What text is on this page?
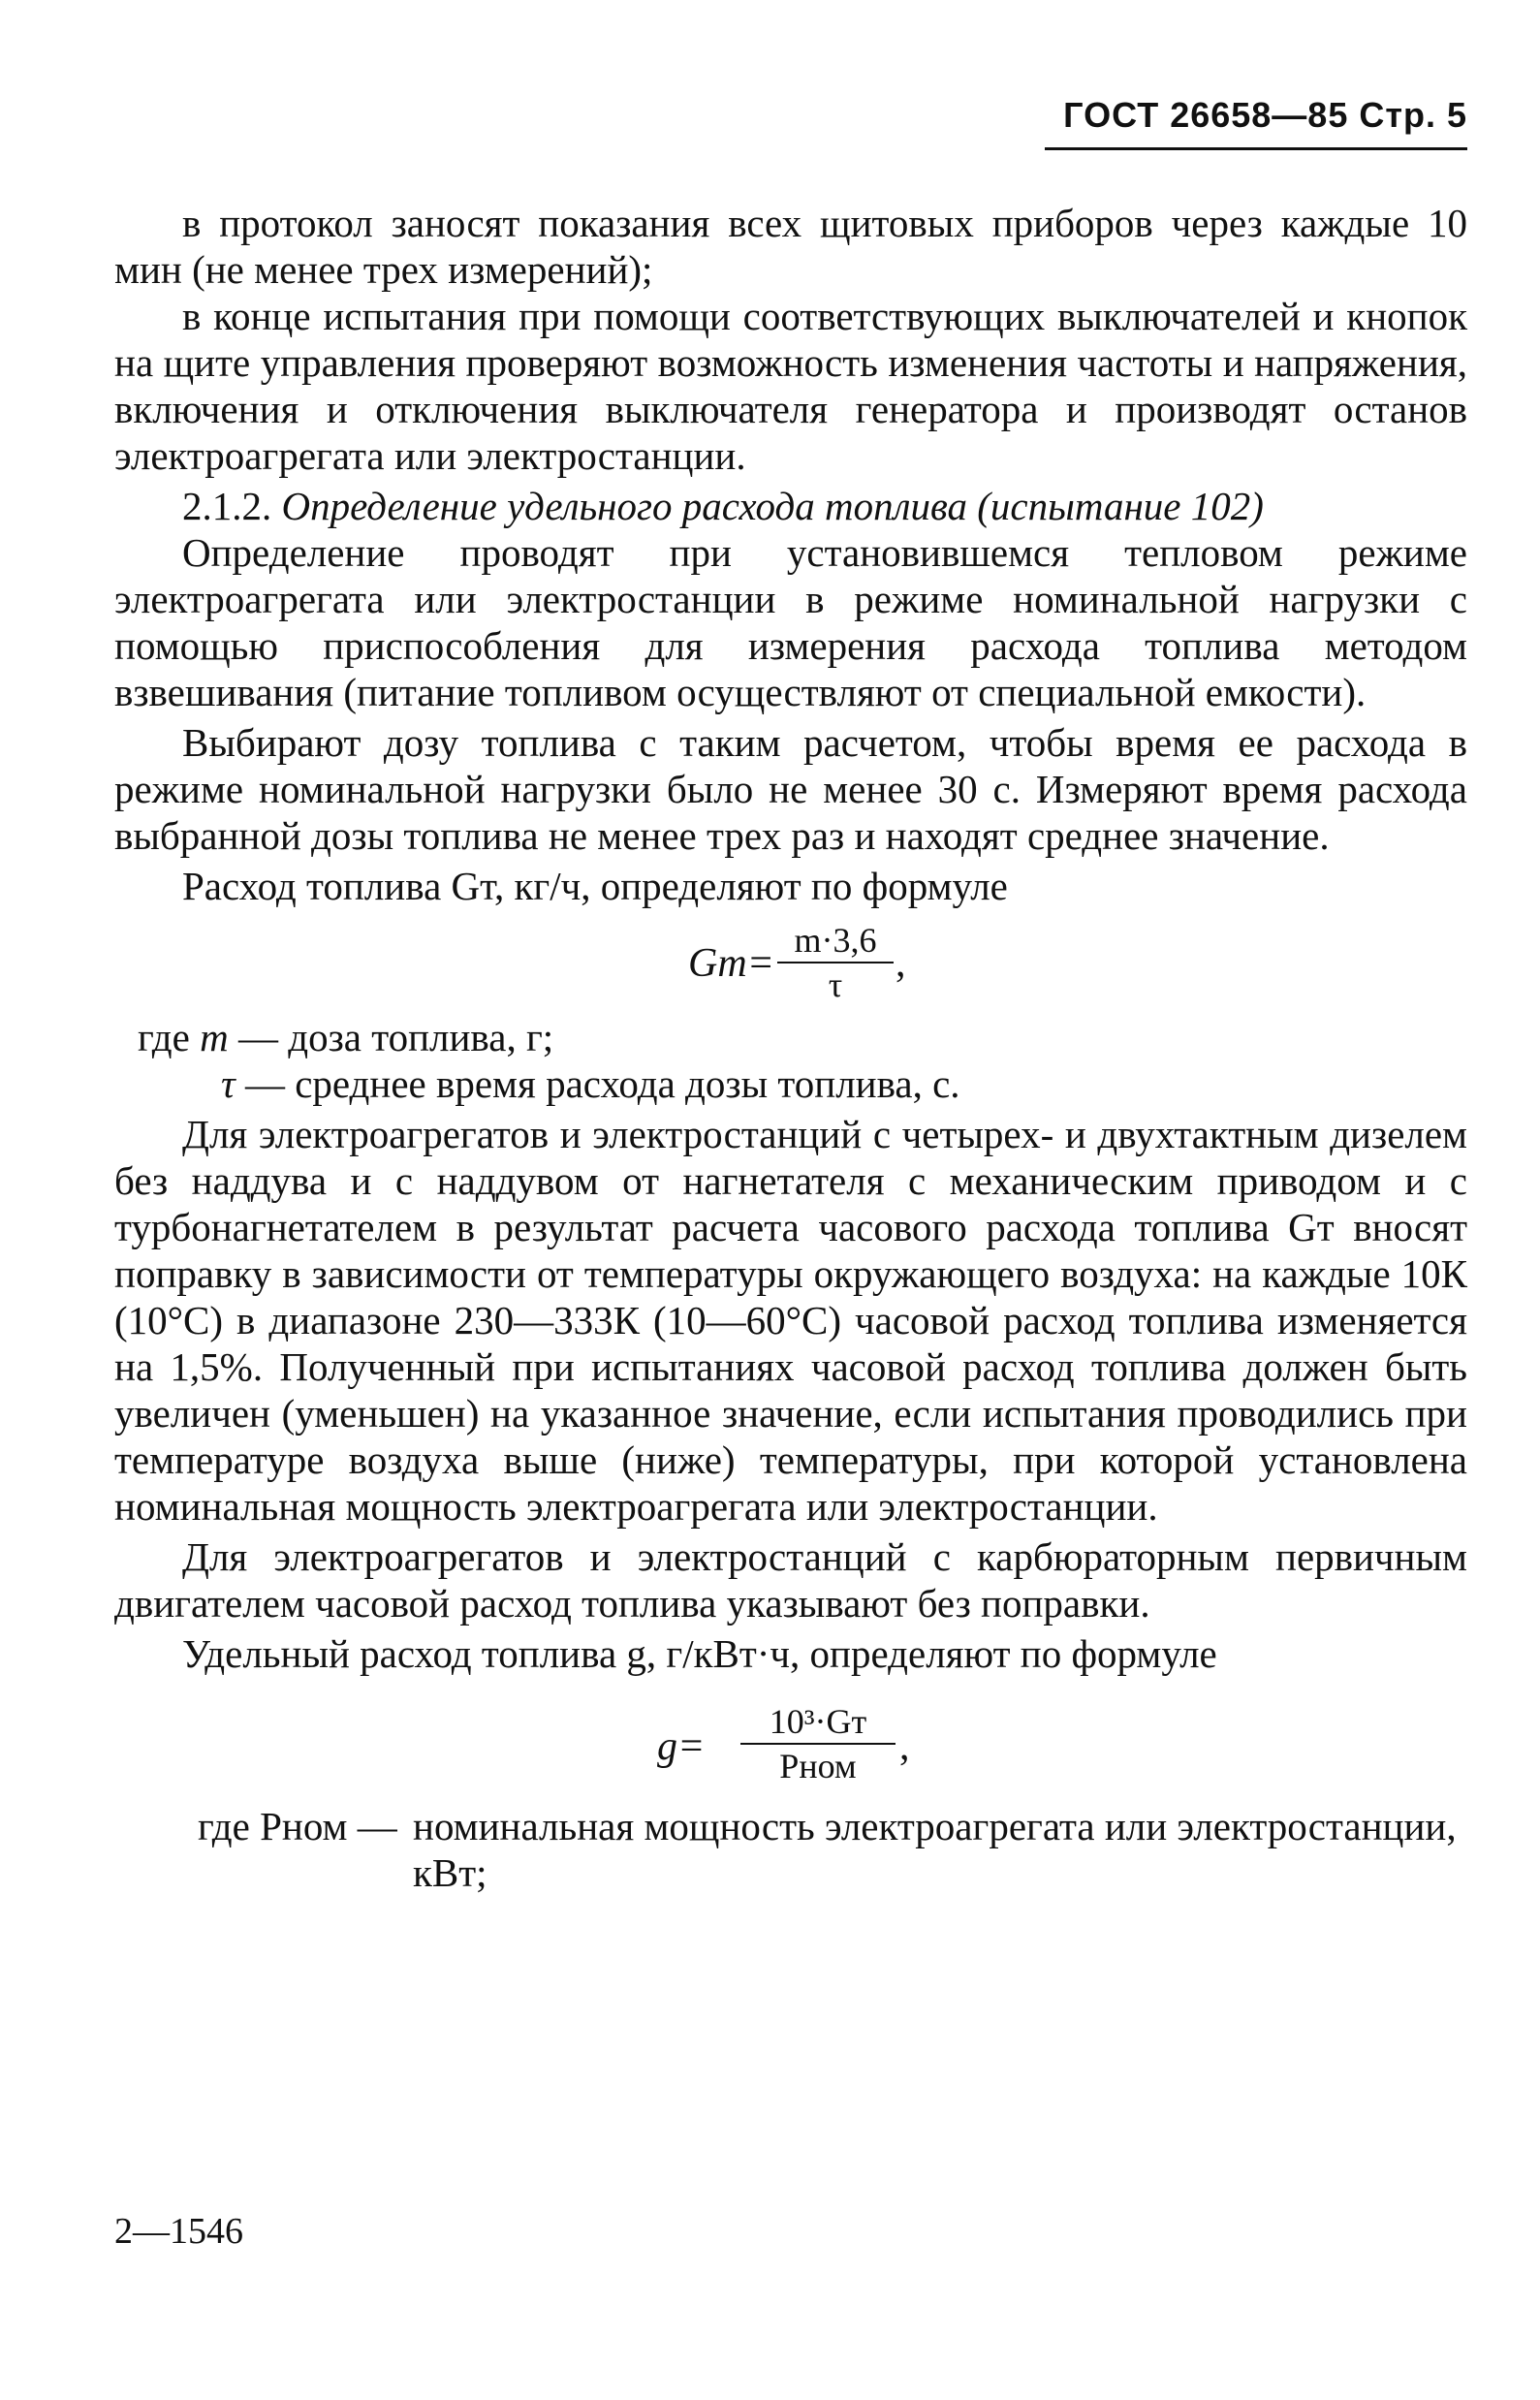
ГОСТ 26658—85 Стр. 5

в протокол заносят показания всех щитовых приборов через каждые 10 мин (не менее трех измерений);

в конце испытания при помощи соответствующих выключателей и кнопок на щите управления проверяют возможность изменения частоты и напряжения, включения и отключения выключателя генератора и производят останов электроагрегата или электростанции.

2.1.2. Определение удельного расхода топлива (испытание 102)

Определение проводят при установившемся тепловом режиме электроагрегата или электростанции в режиме номинальной нагрузки с помощью приспособления для измерения расхода топлива методом взвешивания (питание топливом осуществляют от специальной емкости).

Выбирают дозу топлива с таким расчетом, чтобы время ее расхода в режиме номинальной нагрузки было не менее 30 с. Измеряют время расхода выбранной дозы топлива не менее трех раз и находят среднее значение.

Расход топлива Gт, кг/ч, определяют по формуле

Gт=
m·3,6
τ	,

где m — доза топлива, г;

τ — среднее время расхода дозы топлива, с.

Для электроагрегатов и электростанций с четырех- и двухтактным дизелем без наддува и с наддувом от нагнетателя с механическим приводом и с турбонагнетателем в результат расчета часового расхода топлива Gт вносят поправку в зависимости от температуры окружающего воздуха: на каждые 10К (10°С) в диапазоне 230—333К (10—60°С) часовой расход топлива изменяется на 1,5%. Полученный при испытаниях часовой расход топлива должен быть увеличен (уменьшен) на указанное значение, если испытания проводились при температуре воздуха выше (ниже) температуры, при которой установлена номинальная мощность электроагрегата или электростанции.

Для электроагрегатов и электростанций с карбюраторным первичным двигателем часовой расход топлива указывают без поправки.

Удельный расход топлива g, г/кВт·ч, определяют по формуле

g=
10³·Gт
Pном	,
где Pном — номинальная мощность электроагрегата или электростанции, кВт;
2—1546
